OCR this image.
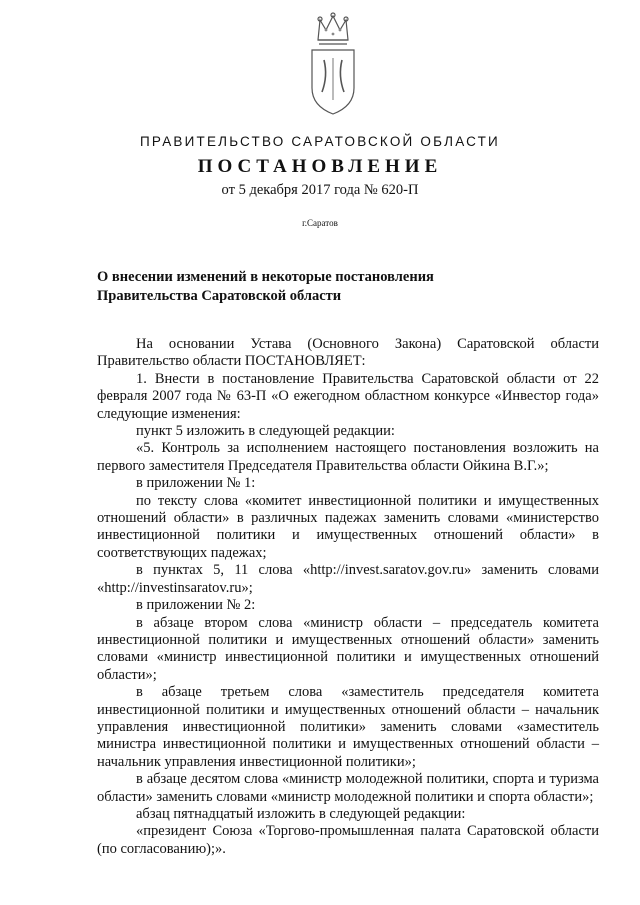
ПРАВИТЕЛЬСТВО САРАТОВСКОЙ ОБЛАСТИ
ПОСТАНОВЛЕНИЕ
от 5 декабря 2017 года № 620-П
г.Саратов
О внесении изменений в некоторые постановления
Правительства Саратовской области

На основании Устава (Основного Закона) Саратовской области Правительство области ПОСТАНОВЛЯЕТ:

1. Внести в постановление Правительства Саратовской области от 22 февраля 2007 года № 63-П «О ежегодном областном конкурсе «Инвестор года» следующие изменения:

пункт 5 изложить в следующей редакции:

«5. Контроль за исполнением настоящего постановления возложить на первого заместителя Председателя Правительства области Ойкина В.Г.»;

в приложении № 1:

по тексту слова «комитет инвестиционной политики и имущественных отношений области» в различных падежах заменить словами «министерство инвестиционной политики и имущественных отношений области» в соответствующих падежах;

в пунктах 5, 11 слова «http://invest.saratov.gov.ru» заменить словами «http://investinsaratov.ru»;

в приложении № 2:

в абзаце втором слова «министр области – председатель комитета инвестиционной политики и имущественных отношений области» заменить словами «министр инвестиционной политики и имущественных отношений области»;

в абзаце третьем слова «заместитель председателя комитета инвестиционной политики и имущественных отношений области – начальник управления инвестиционной политики» заменить словами «заместитель министра инвестиционной политики и имущественных отношений области – начальник управления инвестиционной политики»;

в абзаце десятом слова «министр молодежной политики, спорта и туризма области» заменить словами «министр молодежной политики и спорта области»;

абзац пятнадцатый изложить в следующей редакции:

«президент Союза «Торгово-промышленная палата Саратовской области (по согласованию);».
